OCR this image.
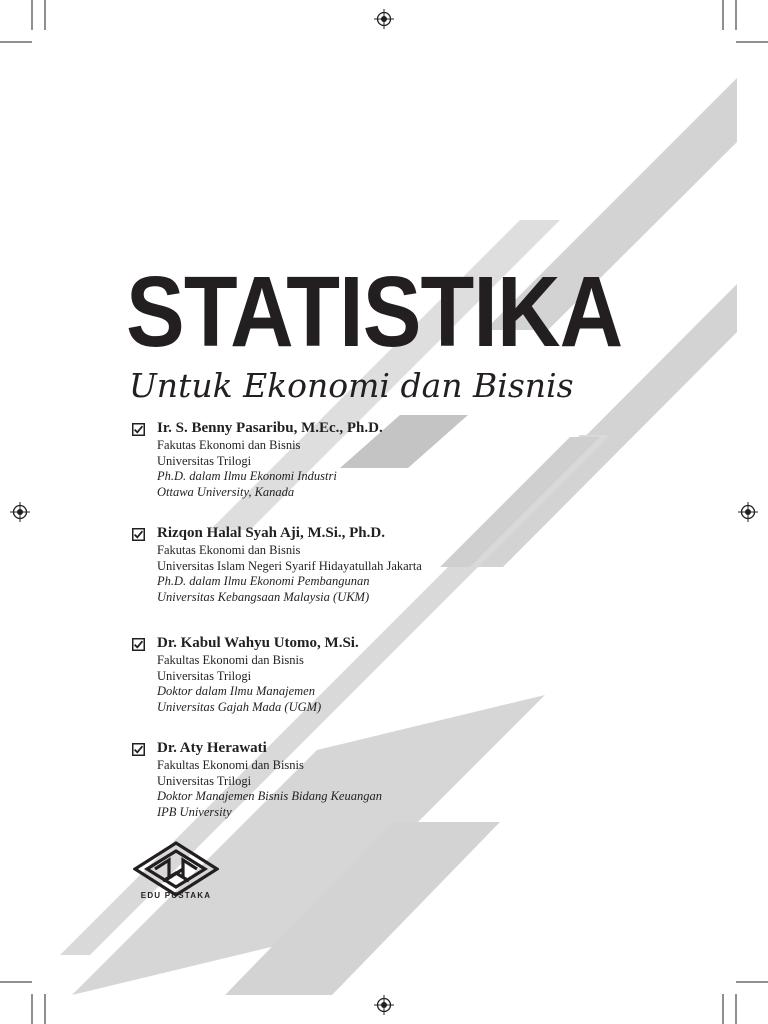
STATISTIKA
Untuk Ekonomi dan Bisnis

Ir. S. Benny Pasaribu, M.Ec., Ph.D.

Fakutas Ekonomi dan Bisnis
Universitas Trilogi
Ph.D. dalam Ilmu Ekonomi Industri
Ottawa University, Kanada

Rizqon Halal Syah Aji, M.Si., Ph.D.

Fakutas Ekonomi dan Bisnis
Universitas Islam Negeri Syarif Hidayatullah Jakarta
Ph.D. dalam Ilmu Ekonomi Pembangunan
Universitas Kebangsaan Malaysia (UKM)

Dr. Kabul Wahyu Utomo, M.Si.

Fakultas Ekonomi dan Bisnis
Universitas Trilogi
Doktor dalam Ilmu Manajemen
Universitas Gajah Mada (UGM)

Dr. Aty Herawati

Fakultas Ekonomi dan Bisnis
Universitas Trilogi
Doktor Manajemen Bisnis Bidang Keuangan
IPB University

EDU PUSTAKA
